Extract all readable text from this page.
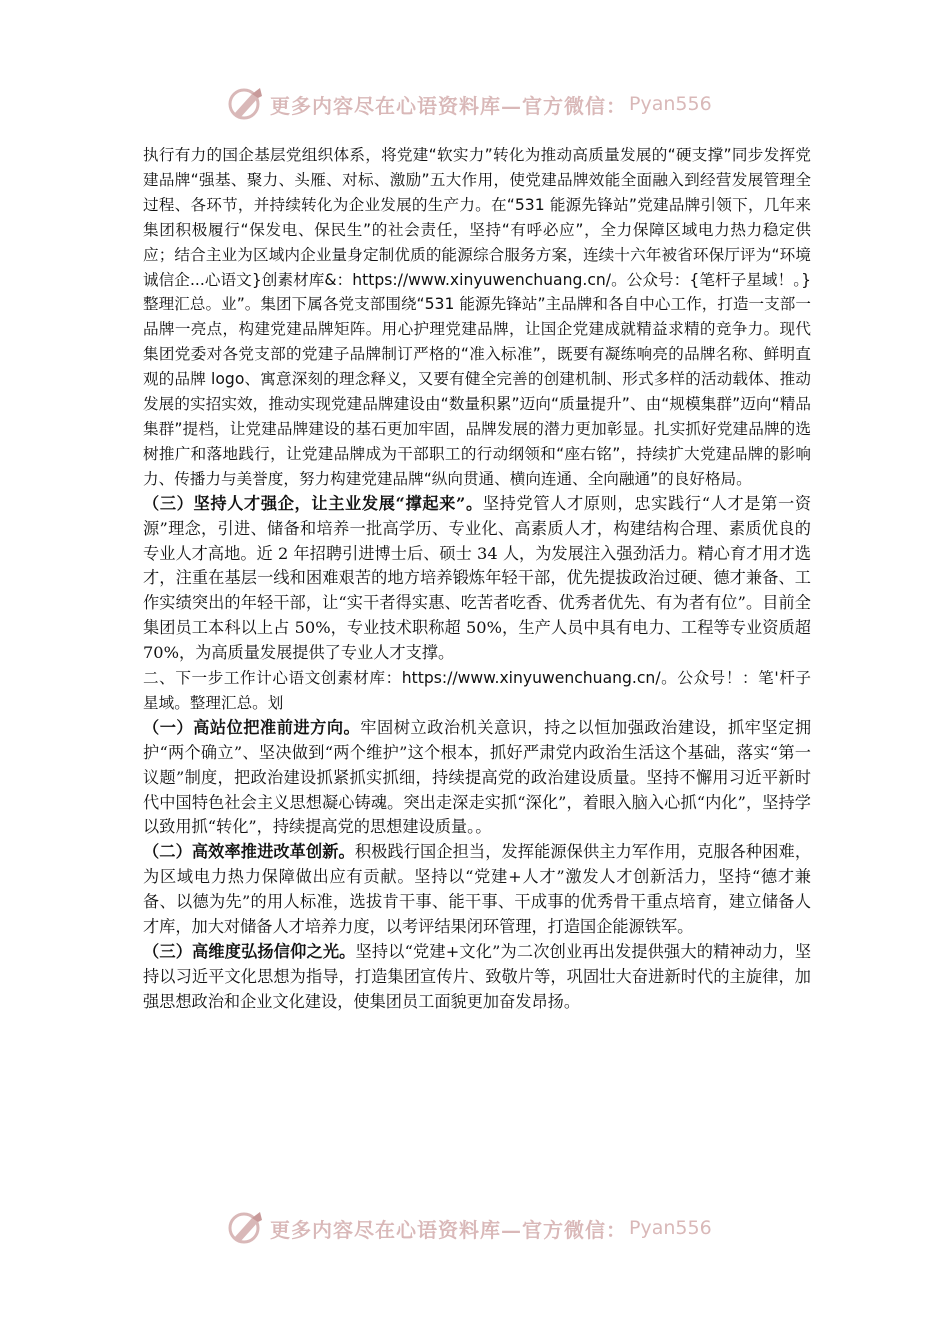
更多内容尽在心语资料库—官方微信： Pyan556

执行有力的国企基层党组织体系，将党建“软实力”转化为推动高质量发展的“硬支撑”同步发挥党建品牌“强基、聚力、头雁、对标、激励”五大作用，使党建品牌效能全面融入到经营发展管理全过程、各环节，并持续转化为企业发展的生产力。在“531 能源先锋站”党建品牌引领下，几年来集团积极履行“保发电、保民生”的社会责任，坚持“有呼必应”，全力保障区域电力热力稳定供应；结合主业为区域内企业量身定制优质的能源综合服务方案，连续十六年被省环保厅评为“环境诚信企...心语文}创素材库&：https://www.xinyuwenchuang.cn/。公众号：{笔杆子星域！。}整理汇总。业”。集团下属各党支部围绕“531 能源先锋站”主品牌和各自中心工作，打造一支部一品牌一亮点，构建党建品牌矩阵。用心护理党建品牌，让国企党建成就精益求精的竞争力。现代集团党委对各党支部的党建子品牌制订严格的“准入标准”，既要有凝练响亮的品牌名称、鲜明直观的品牌 logo、寓意深刻的理念释义，又要有健全完善的创建机制、形式多样的活动载体、推动发展的实招实效，推动实现党建品牌建设由“数量积累”迈向“质量提升”、由“规模集群”迈向“精品集群”提档，让党建品牌建设的基石更加牢固，品牌发展的潜力更加彰显。扎实抓好党建品牌的选树推广和落地践行，让党建品牌成为干部职工的行动纲领和“座右铭”，持续扩大党建品牌的影响力、传播力与美誉度，努力构建党建品牌“纵向贯通、横向连通、全向融通”的良好格局。

（三）坚持人才强企，让主业发展“撑起来”。坚持党管人才原则，忠实践行“人才是第一资源”理念，引进、储备和培养一批高学历、专业化、高素质人才，构建结构合理、素质优良的专业人才高地。近 2 年招聘引进博士后、硕士 34 人，为发展注入强劲活力。精心育才用才选才，注重在基层一线和困难艰苦的地方培养锻炼年轻干部，优先提拔政治过硬、德才兼备、工作实绩突出的年轻干部，让“实干者得实惠、吃苦者吃香、优秀者优先、有为者有位”。目前全集团员工本科以上占 50%，专业技术职称超 50%，生产人员中具有电力、工程等专业资质超 70%，为高质量发展提供了专业人才支撑。

二、下一步工作计心语文创素材库：https://www.xinyuwenchuang.cn/。公众号！：笔'杆子星域。整理汇总。划

（一）高站位把准前进方向。牢固树立政治机关意识，持之以恒加强政治建设，抓牢坚定拥护“两个确立”、坚决做到“两个维护”这个根本，抓好严肃党内政治生活这个基础，落实“第一议题”制度，把政治建设抓紧抓实抓细，持续提高党的政治建设质量。坚持不懈用习近平新时代中国特色社会主义思想凝心铸魂。突出走深走实抓“深化”，着眼入脑入心抓“内化”，坚持学以致用抓“转化”，持续提高党的思想建设质量。。

（二）高效率推进改革创新。积极践行国企担当，发挥能源保供主力军作用，克服各种困难，为区域电力热力保障做出应有贡献。坚持以“党建+人才”激发人才创新活力，坚持“德才兼备、以德为先”的用人标准，选拔肯干事、能干事、干成事的优秀骨干重点培育，建立储备人才库，加大对储备人才培养力度，以考评结果闭环管理，打造国企能源铁军。

（三）高维度弘扬信仰之光。坚持以“党建+文化”为二次创业再出发提供强大的精神动力，坚持以习近平文化思想为指导，打造集团宣传片、致敬片等，巩固壮大奋进新时代的主旋律，加强思想政治和企业文化建设，使集团员工面貌更加奋发昂扬。

更多内容尽在心语资料库—官方微信： Pyan556
